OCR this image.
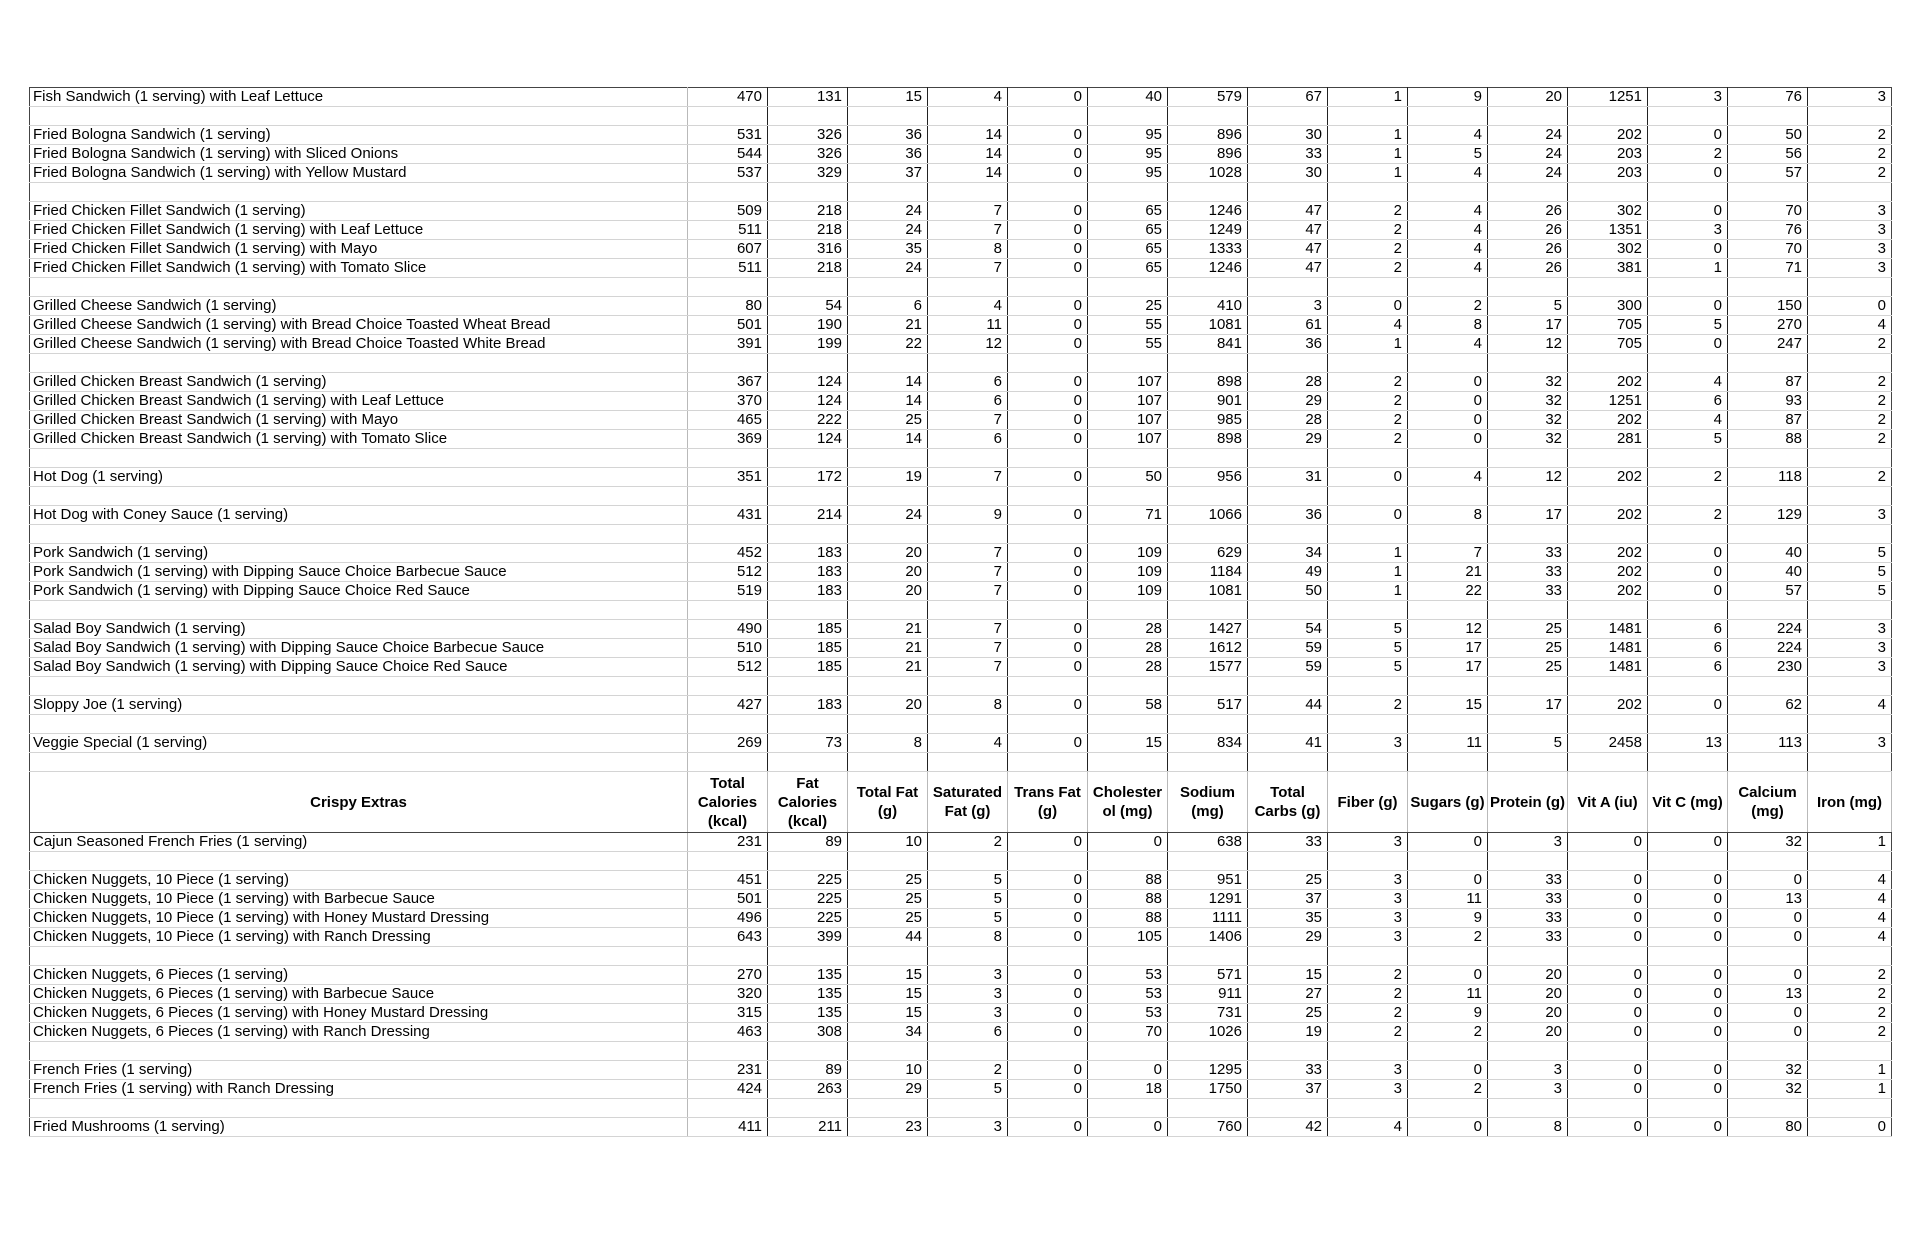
Fish Sandwich (1 serving) with Leaf Lettuce	470	131	15	4	0	40	579	67	1	9	20	1251	3	76	3

Fried Bologna Sandwich (1 serving)	531	326	36	14	0	95	896	30	1	4	24	202	0	50	2
Fried Bologna Sandwich (1 serving) with Sliced Onions	544	326	36	14	0	95	896	33	1	5	24	203	2	56	2
Fried Bologna Sandwich (1 serving) with Yellow Mustard	537	329	37	14	0	95	1028	30	1	4	24	203	0	57	2

Fried Chicken Fillet Sandwich (1 serving)	509	218	24	7	0	65	1246	47	2	4	26	302	0	70	3
Fried Chicken Fillet Sandwich (1 serving) with Leaf Lettuce	511	218	24	7	0	65	1249	47	2	4	26	1351	3	76	3
Fried Chicken Fillet Sandwich (1 serving) with Mayo	607	316	35	8	0	65	1333	47	2	4	26	302	0	70	3
Fried Chicken Fillet Sandwich (1 serving) with Tomato Slice	511	218	24	7	0	65	1246	47	2	4	26	381	1	71	3

Grilled Cheese Sandwich (1 serving)	80	54	6	4	0	25	410	3	0	2	5	300	0	150	0
Grilled Cheese Sandwich (1 serving) with Bread Choice Toasted Wheat Bread	501	190	21	11	0	55	1081	61	4	8	17	705	5	270	4
Grilled Cheese Sandwich (1 serving) with Bread Choice Toasted White Bread	391	199	22	12	0	55	841	36	1	4	12	705	0	247	2

Grilled Chicken Breast Sandwich (1 serving)	367	124	14	6	0	107	898	28	2	0	32	202	4	87	2
Grilled Chicken Breast Sandwich (1 serving) with Leaf Lettuce	370	124	14	6	0	107	901	29	2	0	32	1251	6	93	2
Grilled Chicken Breast Sandwich (1 serving) with Mayo	465	222	25	7	0	107	985	28	2	0	32	202	4	87	2
Grilled Chicken Breast Sandwich (1 serving) with Tomato Slice	369	124	14	6	0	107	898	29	2	0	32	281	5	88	2

Hot Dog (1 serving)	351	172	19	7	0	50	956	31	0	4	12	202	2	118	2

Hot Dog with Coney Sauce (1 serving)	431	214	24	9	0	71	1066	36	0	8	17	202	2	129	3

Pork Sandwich (1 serving)	452	183	20	7	0	109	629	34	1	7	33	202	0	40	5
Pork Sandwich (1 serving) with Dipping Sauce Choice Barbecue Sauce	512	183	20	7	0	109	1184	49	1	21	33	202	0	40	5
Pork Sandwich (1 serving) with Dipping Sauce Choice Red Sauce	519	183	20	7	0	109	1081	50	1	22	33	202	0	57	5

Salad Boy Sandwich (1 serving)	490	185	21	7	0	28	1427	54	5	12	25	1481	6	224	3
Salad Boy Sandwich (1 serving) with Dipping Sauce Choice Barbecue Sauce	510	185	21	7	0	28	1612	59	5	17	25	1481	6	224	3
Salad Boy Sandwich (1 serving) with Dipping Sauce Choice Red Sauce	512	185	21	7	0	28	1577	59	5	17	25	1481	6	230	3

Sloppy Joe (1 serving)	427	183	20	8	0	58	517	44	2	15	17	202	0	62	4

Veggie Special (1 serving)	269	73	8	4	0	15	834	41	3	11	5	2458	13	113	3

Crispy Extras	Total Calories (kcal)	Fat Calories (kcal)	Total Fat (g)	Saturated Fat (g)	Trans Fat (g)	Cholester ol (mg)	Sodium (mg)	Total Carbs (g)	Fiber (g)	Sugars (g)	Protein (g)	Vit A (iu)	Vit C (mg)	Calcium (mg)	Iron (mg)
Cajun Seasoned French Fries (1 serving)	231	89	10	2	0	0	638	33	3	0	3	0	0	32	1

Chicken Nuggets, 10 Piece (1 serving)	451	225	25	5	0	88	951	25	3	0	33	0	0	0	4
Chicken Nuggets, 10 Piece (1 serving) with Barbecue Sauce	501	225	25	5	0	88	1291	37	3	11	33	0	0	13	4
Chicken Nuggets, 10 Piece (1 serving) with Honey Mustard Dressing	496	225	25	5	0	88	1111	35	3	9	33	0	0	0	4
Chicken Nuggets, 10 Piece (1 serving) with Ranch Dressing	643	399	44	8	0	105	1406	29	3	2	33	0	0	0	4

Chicken Nuggets, 6 Pieces (1 serving)	270	135	15	3	0	53	571	15	2	0	20	0	0	0	2
Chicken Nuggets, 6 Pieces (1 serving) with Barbecue Sauce	320	135	15	3	0	53	911	27	2	11	20	0	0	13	2
Chicken Nuggets, 6 Pieces (1 serving) with Honey Mustard Dressing	315	135	15	3	0	53	731	25	2	9	20	0	0	0	2
Chicken Nuggets, 6 Pieces (1 serving) with Ranch Dressing	463	308	34	6	0	70	1026	19	2	2	20	0	0	0	2

French Fries (1 serving)	231	89	10	2	0	0	1295	33	3	0	3	0	0	32	1
French Fries (1 serving) with Ranch Dressing	424	263	29	5	0	18	1750	37	3	2	3	0	0	32	1

Fried Mushrooms (1 serving)	411	211	23	3	0	0	760	42	4	0	8	0	0	80	0
